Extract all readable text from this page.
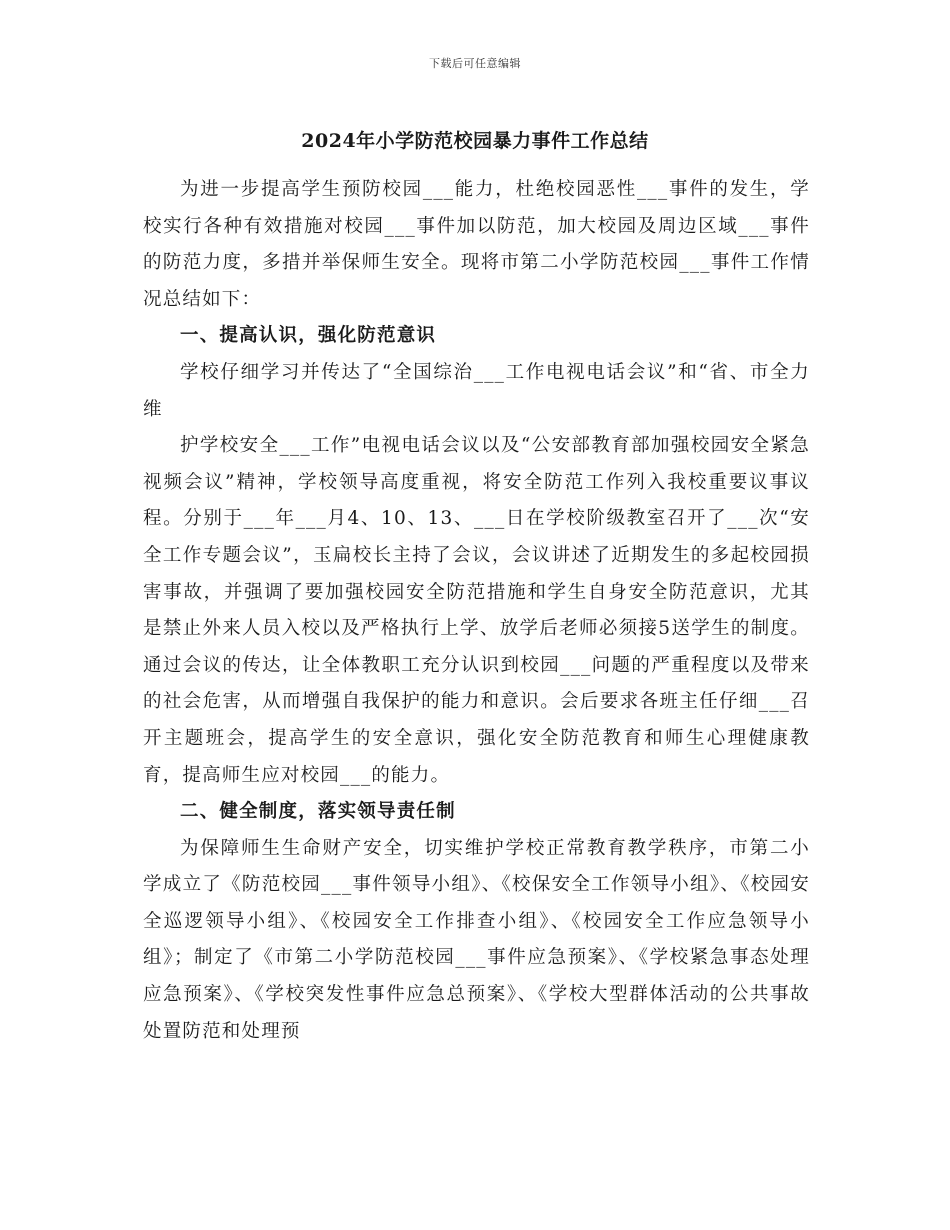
下载后可任意编辑
2024年小学防范校园暴力事件工作总结

为进一步提高学生预防校园___能力，杜绝校园恶性___事件的发生，学校实行各种有效措施对校园___事件加以防范，加大校园及周边区域___事件的防范力度，多措并举保师生安全。现将市第二小学防范校园___事件工作情况总结如下：

一、提高认识，强化防范意识

学校仔细学习并传达了“全国综治___工作电视电话会议”和“省、市全力维

护学校安全___工作”电视电话会议以及“公安部教育部加强校园安全紧急视频会议”精神，学校领导高度重视，将安全防范工作列入我校重要议事议程。分别于___年___月4、10、13、___日在学校阶级教室召开了___次“安全工作专题会议”，玉扁校长主持了会议，会议讲述了近期发生的多起校园损害事故，并强调了要加强校园安全防范措施和学生自身安全防范意识，尤其是禁止外来人员入校以及严格执行上学、放学后老师必须接5送学生的制度。通过会议的传达，让全体教职工充分认识到校园___问题的严重程度以及带来的社会危害，从而增强自我保护的能力和意识。会后要求各班主任仔细___召开主题班会，提高学生的安全意识，强化安全防范教育和师生心理健康教育，提高师生应对校园___的能力。

二、健全制度，落实领导责任制

为保障师生生命财产安全，切实维护学校正常教育教学秩序，市第二小学成立了《防范校园___事件领导小组》、《校保安全工作领导小组》、《校园安全巡逻领导小组》、《校园安全工作排查小组》、《校园安全工作应急领导小组》；制定了《市第二小学防范校园___事件应急预案》、《学校紧急事态处理应急预案》、《学校突发性事件应急总预案》、《学校大型群体活动的公共事故处置防范和处理预
